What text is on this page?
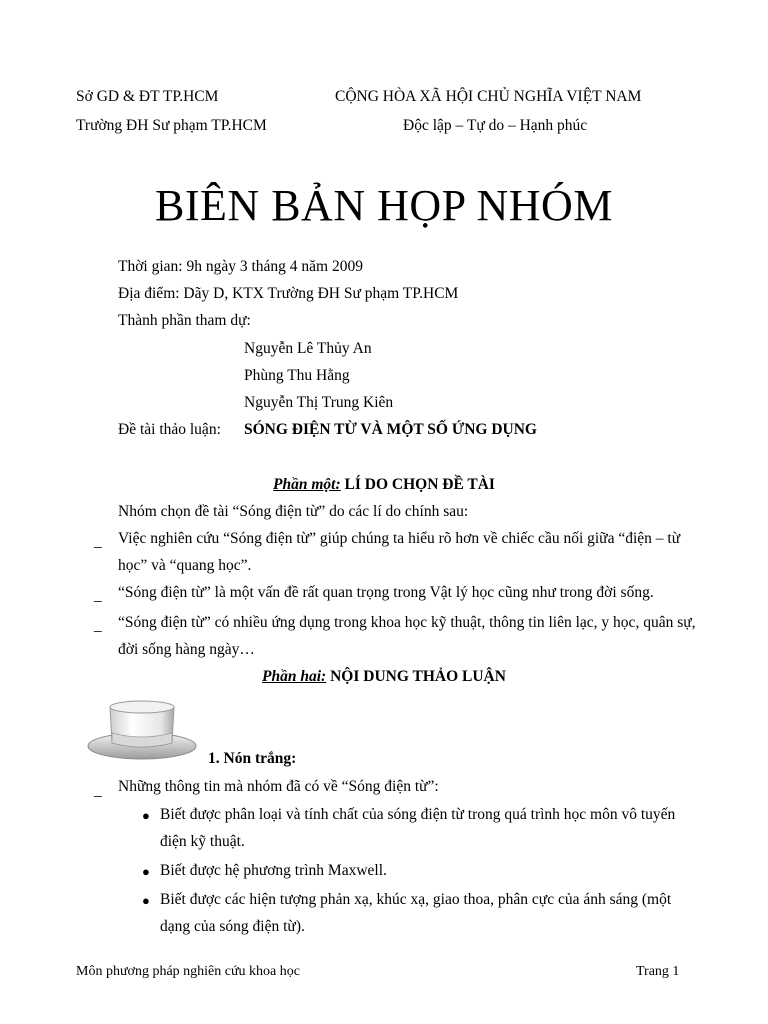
Sở GD & ĐT TP.HCM
Trường ĐH Sư phạm TP.HCM
CỘNG HÒA XÃ HỘI CHỦ NGHĨA VIỆT NAM
Độc lập – Tự do – Hạnh phúc
BIÊN BẢN HỌP NHÓM
Thời gian: 9h ngày 3 tháng 4 năm 2009
Địa điểm: Dãy D, KTX Trường ĐH Sư phạm TP.HCM
Thành phần tham dự:
Nguyễn Lê Thủy An
Phùng Thu Hằng
Nguyễn Thị Trung Kiên
Đề tài thảo luận: SÓNG ĐIỆN TỪ VÀ MỘT SỐ ỨNG DỤNG
Phần một: LÍ DO CHỌN ĐỀ TÀI
Nhóm chọn đề tài “Sóng điện từ” do các lí do chính sau:
_ Việc nghiên cứu “Sóng điện từ” giúp chúng ta hiểu rõ hơn về chiếc cầu nối giữa “điện – từ
học” và “quang học”.
_ “Sóng điện từ” là một vấn đề rất quan trọng trong Vật lý học cũng như trong đời sống.
_ “Sóng điện từ” có nhiều ứng dụng trong khoa học kỹ thuật, thông tin liên lạc, y học, quân sự,
đời sống hàng ngày…
Phần hai: NỘI DUNG THẢO LUẬN
1. Nón trắng:
_ Những thông tin mà nhóm đã có về “Sóng điện từ”:
● Biết được phân loại và tính chất của sóng điện từ trong quá trình học môn vô tuyến
điện kỹ thuật.
● Biết được hệ phương trình Maxwell.
● Biết được các hiện tượng phản xạ, khúc xạ, giao thoa, phân cực của ánh sáng (một
dạng của sóng điện từ).
Môn phương pháp nghiên cứu khoa học	Trang 1
